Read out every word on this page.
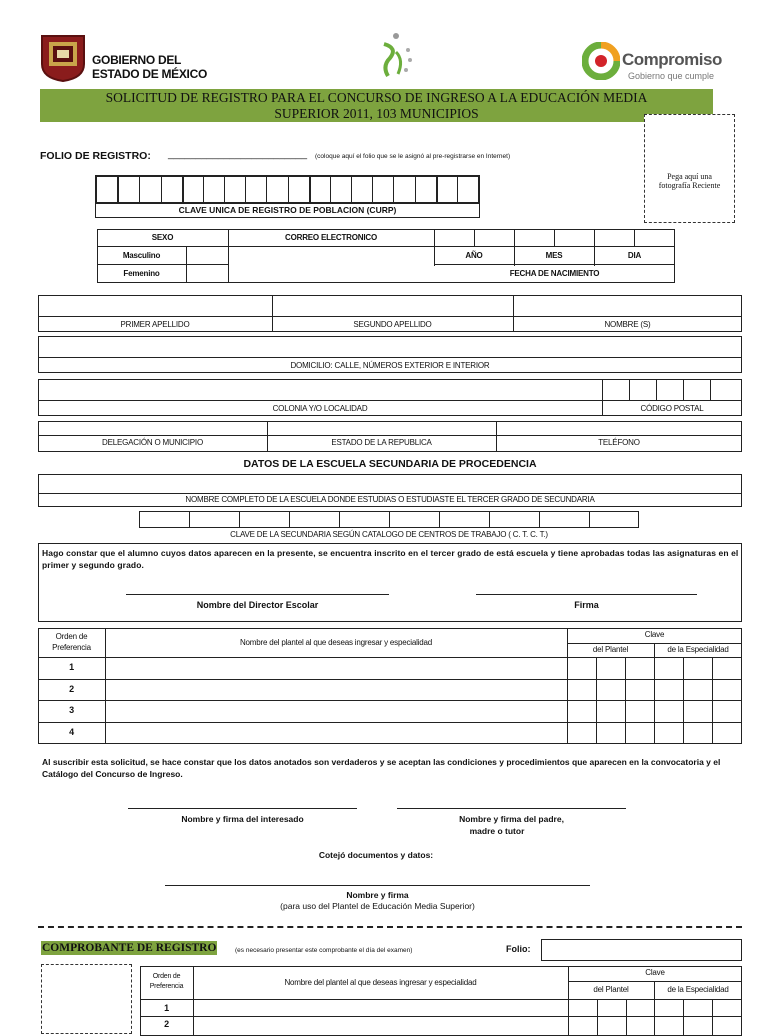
GOBIERNO DEL
ESTADO DE MÉXICO
Compromiso
Gobierno que cumple
SOLICITUD DE REGISTRO PARA EL CONCURSO DE INGRESO A LA EDUCACIÓN MEDIA
SUPERIOR 2011, 103 MUNICIPIOS
Pega aquí una
fotografía Reciente
FOLIO DE REGISTRO: _________________________ (coloque aquí el folio que se le asignó al pre-registrarse en Internet)
CLAVE UNICA DE REGISTRO DE POBLACION (CURP)
SEXO
Masculino
Femenino
CORREO ELECTRONICO
AÑO	MES	DIA
FECHA DE NACIMIENTO
PRIMER APELLIDO	SEGUNDO APELLIDO	NOMBRE (S)
DOMICILIO: CALLE, NÚMEROS EXTERIOR E INTERIOR
COLONIA Y/O LOCALIDAD	CÓDIGO POSTAL
DELEGACIÓN O MUNICIPIO	ESTADO DE LA REPUBLICA	TELÉFONO
DATOS DE LA ESCUELA SECUNDARIA DE PROCEDENCIA
NOMBRE COMPLETO DE LA ESCUELA DONDE ESTUDIAS O ESTUDIASTE EL TERCER GRADO DE SECUNDARIA
CLAVE DE LA SECUNDARIA SEGÚN CATALOGO DE CENTROS DE TRABAJO ( C. T. C. T.)
Hago constar que el alumno cuyos datos aparecen en la presente, se encuentra inscrito en el tercer grado de está escuela y tiene aprobadas todas las asignaturas en el primer y segundo grado.
Nombre del Director Escolar	Firma
Orden de Preferencia
Nombre del plantel al que deseas ingresar y especialidad
Clave
del Plantel	de la Especialidad
1
2
3
4
Al suscribir esta solicitud, se hace constar que los datos anotados son verdaderos y se aceptan las condiciones y procedimientos que aparecen en la convocatoria y el Catálogo del Concurso de Ingreso.
Nombre y firma del interesado	Nombre y firma del padre,
madre o tutor
Cotejó documentos y datos:
Nombre y firma
(para uso del Plantel de Educación Media Superior)
COMPROBANTE DE REGISTRO	(es necesario presentar este comprobante el día del examen)	Folio:
Orden de Preferencia	Nombre del plantel al que deseas ingresar y especialidad
Clave
del Plantel	de la Especialidad
1
2
